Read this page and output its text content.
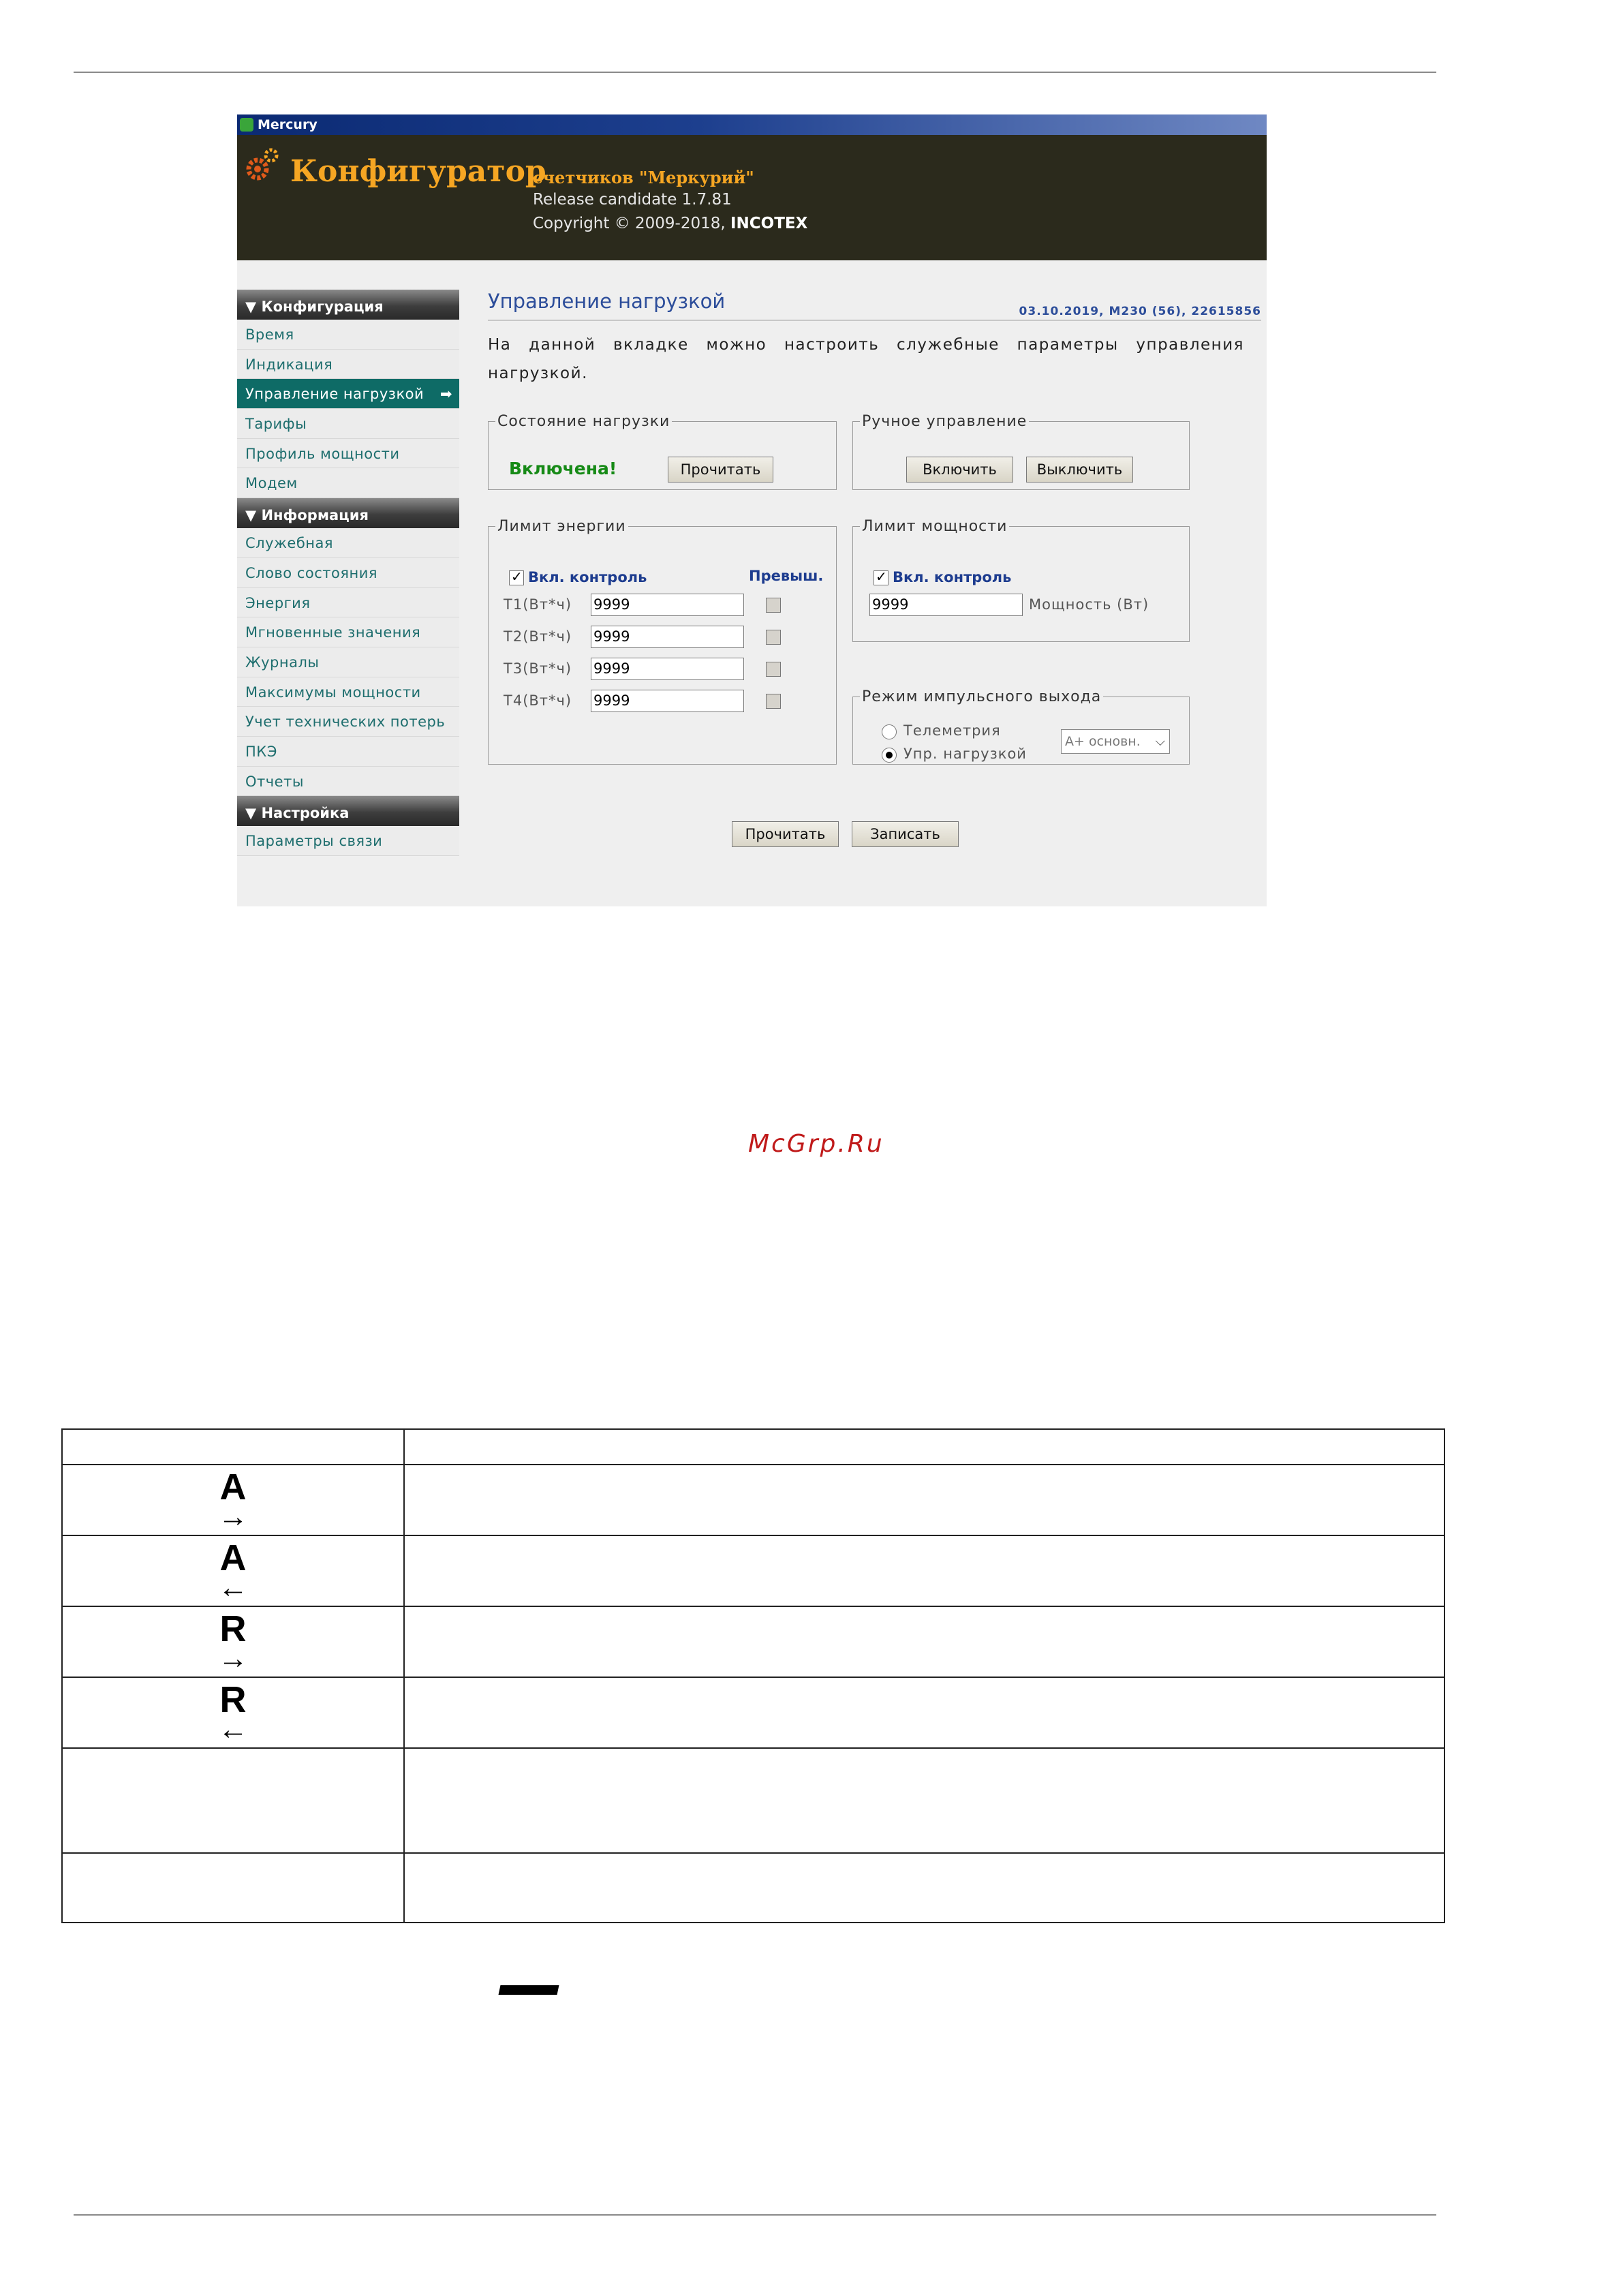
Mercury
Конфигуратор
счетчиков "Меркурий"
Release candidate 1.7.81
Copyright © 2009-2018, INCOTEX
▼ Конфигурация
Время
Индикация
Управление нагрузкой ➡
Тарифы
Профиль мощности
Модем
▼ Информация
Служебная
Слово состояния
Энергия
Мгновенные значения
Журналы
Максимумы мощности
Учет технических потерь
ПКЭ
Отчеты
▼ Настройка
Параметры связи
Управление нагрузкой	03.10.2019, M230 (56), 22615856
На данной вкладке можно настроить служебные параметры управления нагрузкой.
Состояние нагрузки
Включена!	Прочитать
Ручное управление
Включить	Выключить
Лимит энергии
✓
Вкл. контроль	Превыш.
T1(Вт*ч) 9999
T2(Вт*ч) 9999
T3(Вт*ч) 9999
T4(Вт*ч) 9999
Лимит мощности
✓
Вкл. контроль
9999	Мощность (Вт)
Режим импульсного выхода
Телеметрия
Упр. нагрузкой
A+ основн. ⌵
Прочитать	Записать
McGrp.Ru

A
→	

A
←	

R
→	

R
←	
